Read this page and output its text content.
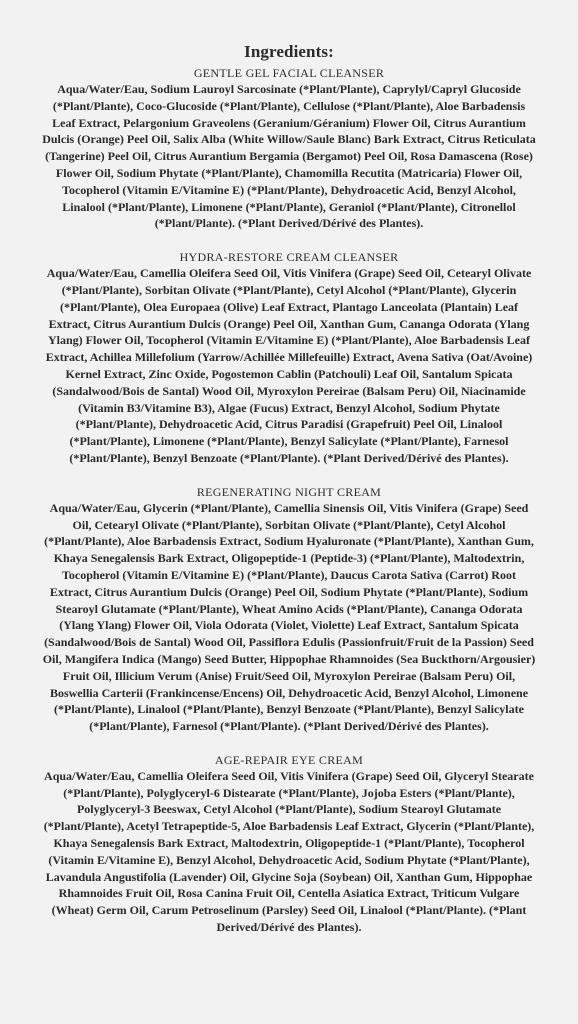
Ingredients:

GENTLE GEL FACIAL CLEANSER

Aqua/Water/Eau, Sodium Lauroyl Sarcosinate (*Plant/Plante), Caprylyl/Capryl Glucoside (*Plant/Plante), Coco-Glucoside (*Plant/Plante), Cellulose (*Plant/Plante), Aloe Barbadensis Leaf Extract, Pelargonium Graveolens (Geranium/Géranium) Flower Oil, Citrus Aurantium Dulcis (Orange) Peel Oil, Salix Alba (White Willow/Saule Blanc) Bark Extract, Citrus Reticulata (Tangerine) Peel Oil, Citrus Aurantium Bergamia (Bergamot) Peel Oil, Rosa Damascena (Rose) Flower Oil, Sodium Phytate (*Plant/Plante), Chamomilla Recutita (Matricaria) Flower Oil, Tocopherol (Vitamin E/Vitamine E) (*Plant/Plante), Dehydroacetic Acid, Benzyl Alcohol, Linalool (*Plant/Plante), Limonene (*Plant/Plante), Geraniol (*Plant/Plante), Citronellol (*Plant/Plante). (*Plant Derived/Dérivé des Plantes).

HYDRA-RESTORE CREAM CLEANSER

Aqua/Water/Eau, Camellia Oleifera Seed Oil, Vitis Vinifera (Grape) Seed Oil, Cetearyl Olivate (*Plant/Plante), Sorbitan Olivate (*Plant/Plante), Cetyl Alcohol (*Plant/Plante), Glycerin (*Plant/Plante), Olea Europaea (Olive) Leaf Extract, Plantago Lanceolata (Plantain) Leaf Extract, Citrus Aurantium Dulcis (Orange) Peel Oil, Xanthan Gum, Cananga Odorata (Ylang Ylang) Flower Oil, Tocopherol (Vitamin E/Vitamine E) (*Plant/Plante), Aloe Barbadensis Leaf Extract, Achillea Millefolium (Yarrow/Achillée Millefeuille) Extract, Avena Sativa (Oat/Avoine) Kernel Extract, Zinc Oxide, Pogostemon Cablin (Patchouli) Leaf Oil, Santalum Spicata (Sandalwood/Bois de Santal) Wood Oil, Myroxylon Pereirae (Balsam Peru) Oil, Niacinamide (Vitamin B3/Vitamine B3), Algae (Fucus) Extract, Benzyl Alcohol, Sodium Phytate (*Plant/Plante), Dehydroacetic Acid, Citrus Paradisi (Grapefruit) Peel Oil, Linalool (*Plant/Plante), Limonene (*Plant/Plante), Benzyl Salicylate (*Plant/Plante), Farnesol (*Plant/Plante), Benzyl Benzoate (*Plant/Plante). (*Plant Derived/Dérivé des Plantes).

REGENERATING NIGHT CREAM

Aqua/Water/Eau, Glycerin (*Plant/Plante), Camellia Sinensis Oil, Vitis Vinifera (Grape) Seed Oil, Cetearyl Olivate (*Plant/Plante), Sorbitan Olivate (*Plant/Plante), Cetyl Alcohol (*Plant/Plante), Aloe Barbadensis Extract, Sodium Hyaluronate (*Plant/Plante), Xanthan Gum, Khaya Senegalensis Bark Extract, Oligopeptide-1 (Peptide-3) (*Plant/Plante), Maltodextrin, Tocopherol (Vitamin E/Vitamine E) (*Plant/Plante), Daucus Carota Sativa (Carrot) Root Extract, Citrus Aurantium Dulcis (Orange) Peel Oil, Sodium Phytate (*Plant/Plante), Sodium Stearoyl Glutamate (*Plant/Plante), Wheat Amino Acids (*Plant/Plante), Cananga Odorata (Ylang Ylang) Flower Oil, Viola Odorata (Violet, Violette) Leaf Extract, Santalum Spicata (Sandalwood/Bois de Santal) Wood Oil, Passiflora Edulis (Passionfruit/Fruit de la Passion) Seed Oil, Mangifera Indica (Mango) Seed Butter, Hippophae Rhamnoides (Sea Buckthorn/Argousier) Fruit Oil, Illicium Verum (Anise) Fruit/Seed Oil, Myroxylon Pereirae (Balsam Peru) Oil, Boswellia Carterii (Frankincense/Encens) Oil, Dehydroacetic Acid, Benzyl Alcohol, Limonene (*Plant/Plante), Linalool (*Plant/Plante), Benzyl Benzoate (*Plant/Plante), Benzyl Salicylate (*Plant/Plante), Farnesol (*Plant/Plante). (*Plant Derived/Dérivé des Plantes).

AGE-REPAIR EYE CREAM

Aqua/Water/Eau, Camellia Oleifera Seed Oil, Vitis Vinifera (Grape) Seed Oil, Glyceryl Stearate (*Plant/Plante), Polyglyceryl-6 Distearate (*Plant/Plante), Jojoba Esters (*Plant/Plante), Polyglyceryl-3 Beeswax, Cetyl Alcohol (*Plant/Plante), Sodium Stearoyl Glutamate (*Plant/Plante), Acetyl Tetrapeptide-5, Aloe Barbadensis Leaf Extract, Glycerin (*Plant/Plante), Khaya Senegalensis Bark Extract, Maltodextrin, Oligopeptide-1 (*Plant/Plante), Tocopherol (Vitamin E/Vitamine E), Benzyl Alcohol, Dehydroacetic Acid, Sodium Phytate (*Plant/Plante), Lavandula Angustifolia (Lavender) Oil, Glycine Soja (Soybean) Oil, Xanthan Gum, Hippophae Rhamnoides Fruit Oil, Rosa Canina Fruit Oil, Centella Asiatica Extract, Triticum Vulgare (Wheat) Germ Oil, Carum Petroselinum (Parsley) Seed Oil, Linalool (*Plant/Plante). (*Plant Derived/Dérivé des Plantes).
